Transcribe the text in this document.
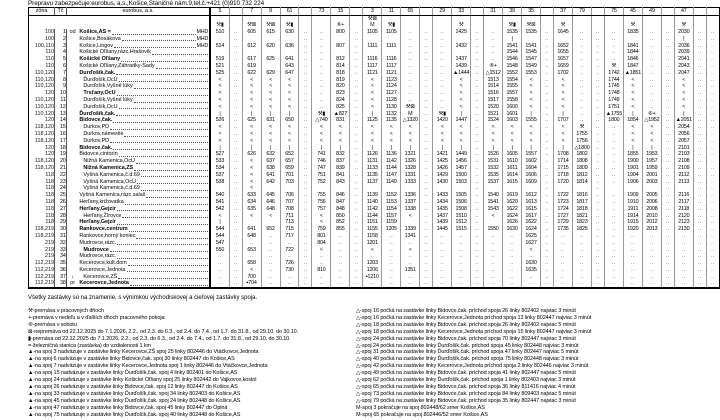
Prepravu zabezpečuje:eurobus, a.s.,Košice,Staničné nám.9,tel.č.+421 (0)910 732 224
zóna	Tč	eurobus, a.s.		5		7	9	61		73	15		3	11	65		29	33		31	39	35		37	79		75	45	49		47		
													⚒⊠																				
				⚒▮		⚒⊠	⚒⊠	⚒▮			⑥+		M	⚒▮				⚒			⚒▮	⚒⊠		⚒				⚒			⚒		
100	1	od	Košice,AS = MHD	510	..	605	615	630	..	..	800	..	1105	1105	..	..	..	1425	..	..	1535	1535	..	1645	..	..	..	1835	..	..	2030	..	..
100	2		Košice,Bosákova MHD		..				..	..		..			..	..	..		..	..	|		..		..	..	..		..	..	|	..	..
100,110	3		Košice,Lingov MHD	514	..	612	620	636	..	..	807	..	1111	1111	..	..	..	1432	..	..	1541	1541	..	1652	..	..	..	1841	..	..	2036	..	..
110	4		Košické Oľšany,rázc.Hrašovík		..				..	..		..			..	..	..		..	..	1544	1545	..	1655	..	..	..	1844	..	..	2039	..	..
110	5		Košické Oľšany	519	..	617	625	641	..	..	812	..	1116	1116	..	..	..	1437	..	..	1546	1547	..	1657	..	..	..	1846	..	..	2041	..	..
110	6		Košické Oľšany,Záhradky-Sady	521	..	619		643	..	..	814	..	1117	1117	..	..	..	1439	..	⑥+	1548	1549	..	1659	..	..	⚒	1847	..	..	2043	..	..
110,120	7		Ďurďošík,čak.	525	..	622	629	647	..	..	818	..	1121	1121	..	..	..	▲1444	..	△1512	1552	1553	..	1702	..	..	1742	▲1851	..	..	2047	..	..
110,120	8		Ďurďošík,OcÚ	<	..	<	<	<	..	..	819	..	<	1123	..	..	..	<	..	1513	1554	<	..	<	..	..	1744	<	..	..	<	..	..
110,120	9		Ďurďošík,Vyšné lúky	<	..	<	<	<	..	..	820	..	<	1124	..	..	..	<	..	1514	1555	<	..	<	..	..	1745	<	..	..	<	..	..
120	10		Trsťany,OcÚ	<	..	<	<	<	..	..	823	..	<	1127	..	..	..	<	..	1516	1557	<	..	<	..	..	1748	<	..	..	<	..	..
110,120	11		Ďurďošík,Vyšné lúky	<	..	<	<	<	..	..	824	..	<	1128	..	..	..	<	..	1517	1558	<	..	<	..	..	1749	<	..	..	<	..	..
110,120	12		Ďurďošík,OcÚ	<	..	<	<	<	..	..	825	..	<	1130	⚒⊠	..	..	<	..	1520	1600	<	..	<	..	..	1751	<	..	..	<	..	..
110,120	13		Ďurďošík,čak.	|	..	|	|	|	..	⚒▮	▲827	..	|	1132	M	..	⚒▮	|	..	1521	1601	|	..	|	..	..	▲1755	|	⑥+	..	|	..	..
120	14		Bidovce,čak.	526	..	625	631	650	..	△740	831	..	1125	1135	△1320	..	1420	1447	..	1524	1603	1555	..	1707	..	..	1800	1854	△1952	..	▲2051	..	..
118,120	15		Ďurkov,PD	<	..	<	<	<	..	<	<	..	<	<	<	..	<	<	..	<	<	<	..	<	⚒	..	..	<	<	..	2054	..	..
118,120	16		Ďurkov,námestie	<	..	<	<	<	..	<	<	..	<	<	<	..	<	<	..	<	<	<	..	<	1755	..	..	<	<	..	2056	..	..
118,120	17		Ďurkov,PD	<	..	<	<	<	..	<	<	..	<	<	<	..	<	<	..	<	<	<	..	<	1756	..	..	<	<	..	2057	..	..
120	18		Bidovce,čak.	|	..	|	|	|	..	|	|	..	|	|	|	..	|	|	..	|	|	|	..	|	△1800	..	..	|	|	..	2101	..	..
120	19		Bidovce,cintorín	527	..	626	632	652	..	741	832	..	1126	1136	1321	..	1421	1449	..	1526	1605	1557	..	1708	1802	..	..	1855	1953	..	2103	..	..
118,120	20		Nižná Kamenica,OcÚ	533	..	<	637	657	..	746	837	..	1131	1142	1326	..	1425	1456	..	1531	1610	1602	..	1714	1808	..	..	1900	1957	..	2108	..	..
118,120	21		Nižná Kamenica,ZŠ	534	..	<	638	659	..	747	839	..	1133	1144	1328	..	1426	1457	..	1532	1611	1604	..	1715	1809	..	..	1901	1959	..	2109	..	..
118	22		Vyšná Kamenica,č.d.69	537	..	<	641	701	..	751	841	..	1135	1147	1331	..	1429	1500	..	1535	1614	1606	..	1718	1812	..	..	1904	2001	..	2112	..	..
118	23		Vyšná Kamenica,OcÚ	538	..	<	642	703	..	752	843	..	1137	1149	1333	..	1430	1503	..	1537	1615	1609	..	1720	1814	..	..	1906	2003	..	2113	..	..
118	24		Vyšná Kamenica,č.d.69		..	<			..			..				..			..				..			..				..		..	..
118	25		Vyšná Kamenica,rázc.salaš	540	..	633	645	706	..	755	846	..	1139	1152	1336	..	1433	1505	..	1540	1619	1612	..	1722	1816	..	..	1909	2005	..	2116	..	..
118	26		Herľany,križovatka	541	..	634	646	707	..	756	847	..	1140	1153	1337	..	1434	1506	..	1541	1620	1613	..	1723	1817	..	..	1910	2006	..	2117	..	..
118	27		Herľany,Gejzír	542	..	635	648	708	..	757	848	..	1142	1154	1338	..	1435	1508	..	1543	1622	1615	..	1724	1818	..	..	1911	2008	..	2118	..	..
118	28		Herľany,Žírovce	<	..	<	<	711	..	<	850	..	1144	1157	<	..	1437	1510	..	<	1624	1617	..	1727	1821	..	..	1914	2010	..	2120	..	..
118	29		Herľany,Gejzír	|	..			713	..	<	852	..	1151	1159		..	1439	1512	..		1626	1622	..	1729	1823	..	..	1915	2012	..	2123	..	..
118,219	30		Rankovce,centrum	544	..	641	652	715	..	759	855	..	1155	1205	1339	..	1445	1515	..	1550	1630	1624	..	1735	1825	..	..	1920	2013	..	2130	..	..
118,219	31		Rankovce,horný koniec	544	..	648	..	717	..	801	..	..	1158	..	1341	..	..	..	..	..	..	1625	..	..	..	..	..	..	..	..	..	..	..
219	32		Mudrovce,rázc.	547	..	..	..	..	..	804	..	..	1201	..	..	..	..	..	..	..	..	1627	..	..	..	..	..	..	..	..	..	..	..
219	33		Mudrovce	550	..	653	..	722	..	<	..	..	<	..	<	..	..	..	..	..	..	<	..	..	..	..	..	..	..	..	..	..	..
219	34		Mudrovce,rázc.	..	..	..	..	..	..	..	..	..	..	..	..	..	..	..	..	..	..	..	..	..	..	..	..	..	..	..	..	..	..
112,219	35		Kecerovce,kult.dom	..	..	658	..	726	..	..	..	..	1203	..	..	..	..	..	..	..	..	1630	..	..	..	..	..	..	..	..	..	..	..
112,219	36		Kecerovce,Jednota	..	..	<	..	730	..	810	..	..	1206	..	1351	..	..	..	..	..	..	1635	..	..	..	..	..	..	..	..	..	..	..
112,219	37	↓	Kecerovce,ZŠ	..	..	700	..	..	..	..	..	..	▪1210	..	..	..	..	..	..	..	..	..	..	..	..	..	..	..	..	..	..	..	..
112,219	38	pr	Kecerovce,Jednota	..	..	▪704	..	..	..	..	..	..	..	..	..	..	..	..	..	..	..	..	..	..	..	..	..	..	..	..	..	..	..
Všetky zastávky sú na znamenie, s výnimkou východiskovej a cieľovej zastávky spoja.
⚒-premáva v pracovných dňoch
+-premáva v nedeľu a v ďalších dňoch pracovného pokoja
⑥-premáva v sobotu
⊠-nepremáva od 22.12.2025 do 7.1.2026, 2.2., od 2.3. do 6.3., od 2.4. do 7.4., od 1.7. do 31.8., od 29.10. do 30.10.
▮-premáva od 22.12.2025 do 7.1.2026, 2.2., od 2.3. do 6.3., od 2.4. do 7.4., od 1.7. do 31.8., od 29.10. do 30.10.
=-železničná stanica (zastávka) do vzdialenosti 1 km
▲-na spoj 3 nadväzuje v zastávke linky Kecerovce,ZŠ spoj 25 linky 802446 do Vtáčkovce,Jednota
▲-na spoj 6 nadväzuje v zastávke linky Bidovce,čak. spoj 30 linky 802447 do Košice,AS
▲-na spoj 7 nadväzuje v zastávke linky Kecerovce,Jednota spoj 1 linky 802446 do Vtáčkovce,Jednota
▲-na spoj 15 nadväzuje v zastávke linky Ďurďošík,čak. spoj 4 linky 802401 do Košice,AS
▲-na spoj 24 nadväzuje v zastávke linky Košické Oľšany spoj 25 linky 802442 do Vajkovce,kostol
▲-na spoj 26 nadväzuje v zastávke linky Bidovce,čak. spoj 12 linky 802447 do Košice,AS
▲-na spoj 33 nadväzuje v zastávke linky Ďurďošík,čak. spoj 34 linky 802403 do Košice,AS
▲-na spoj 45 nadväzuje v zastávke linky Ďurďošík,čak. spoj 24 linky 802448 do Košice,AS
▲-na spoj 47 nadväzuje v zastávke linky Bidovce,čak. spoj 45 linky 802447 do Opiná
▲-na spoj 75 nadväzuje v zastávke linky Ďurďošík,čak. spoj 40 linky 802448 do Košice,AS
△-spoj 16 počká na zastávke linky Bidovce,čak. príchod spoja 26 linky 802402 najviac 3 minút
△-spoj 16 počká na zastávke linky Kecerovce,Jednota príchod spoja 13 linky 802447 najviac 3 minút
△-spoj 18 počká na zastávke linky Bidovce,čak. príchod spoja 26 linky 802402 najviac 5 minút
△-spoj 18 počká na zastávke linky Kecerovce,Jednota príchod spoja 15 linky 802447 najviac 3 minút
△-spoj 24 počká na zastávke linky Bidovce,čak. príchod spoja 70 linky 802447 najviac 3 minút
△-spoj 24 počká na zastávke linky Ďurďošík,čak. príchod spoja 45 linky 802448 najviac 3 minút
△-spoj 31 počká na zastávke linky Ďurďošík,čak. príchod spoja 47 linky 802447 najviac 5 minút
△-spoj 40 počká na zastávke linky Ďurďošík,čak. príchod spoja 75 linky 802448 najviac 3 minút
△-spoj 42 počká na zastávke linky Kecerovce,Jednota príchod spoja 2 linky 802446 najviac 3 minút
△-spoj 49 počká na zastávke linky Bidovce,čak. príchod spoja 41 linky 802447 najviac 5 minút
△-spoj 62 počká na zastávke linky Ďurďošík,čak. príchod spoja 1 linky 802403 najviac 3 minút
△-spoj 65 počká na zastávke linky Bidovce,čak. príchod spoja 36 linky 811416 najviac 4 minút
△-spoj 73 počká na zastávke linky Bidovce,čak. príchod spoja 84 linky 809403 najviac 5 minút
△-spoj 79 počká na zastávke linky Bidovce,čak. príchod spoja 35 linky 802447 najviac 3 minút
M-spoj 3 pokračuje na spoj 802448/62 smer Košice,AS
M-spoj 65 pokračuje na spoj 802446/52 smer Košice,AS
